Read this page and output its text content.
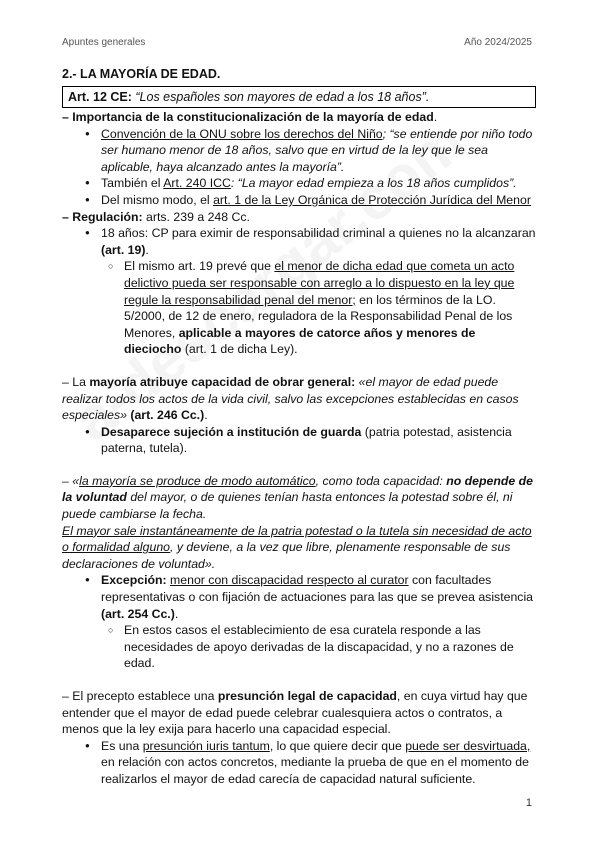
Apuntes generales	Año 2024/2025
2.- LA MAYORÍA DE EDAD.
Art. 12 CE: “Los españoles son mayores de edad a los 18 años”.

– Importancia de la constitucionalización de la mayoría de edad.

● Convención de la ONU sobre los derechos del Niño; “se entiende por niño todo ser humano menor de 18 años, salvo que en virtud de la ley que le sea aplicable, haya alcanzado antes la mayoría”.
● También el Art. 240 ICC: “La mayor edad empieza a los 18 años cumplidos”.
● Del mismo modo, el art. 1 de la Ley Orgánica de Protección Jurídica del Menor

– Regulación: arts. 239 a 248 Cc.

● 18 años: CP para eximir de responsabilidad criminal a quienes no la alcanzaran (art. 19).
○ El mismo art. 19 prevé que el menor de dicha edad que cometa un acto delictivo pueda ser responsable con arreglo a lo dispuesto en la ley que regule la responsabilidad penal del menor; en los términos de la LO. 5/2000, de 12 de enero, reguladora de la Responsabilidad Penal de los Menores, aplicable a mayores de catorce años y menores de dieciocho (art. 1 de dicha Ley).

– La mayoría atribuye capacidad de obrar general: «el mayor de edad puede realizar todos los actos de la vida civil, salvo las excepciones establecidas en casos especiales» (art. 246 Cc.).

● Desaparece sujeción a institución de guarda (patria potestad, asistencia paterna, tutela).

– «la mayoría se produce de modo automático, como toda capacidad: no depende de la voluntad del mayor, o de quienes tenían hasta entonces la potestad sobre él, ni puede cambiarse la fecha.

El mayor sale instantáneamente de la patria potestad o la tutela sin necesidad de acto o formalidad alguno, y deviene, a la vez que libre, plenamente responsable de sus declaraciones de voluntad».

● Excepción: menor con discapacidad respecto al curator con facultades representativas o con fijación de actuaciones para las que se prevea asistencia (art. 254 Cc.).
○ En estos casos el establecimiento de esa curatela responde a las necesidades de apoyo derivadas de la discapacidad, y no a razones de edad.

– El precepto establece una presunción legal de capacidad, en cuya virtud hay que entender que el mayor de edad puede celebrar cualesquiera actos o contratos, a menos que la ley exija para hacerlo una capacidad especial.

● Es una presunción iuris tantum, lo que quiere decir que puede ser desvirtuada, en relación con actos concretos, mediante la prueba de que en el momento de realizarlos el mayor de edad carecía de capacidad natural suficiente.
1
